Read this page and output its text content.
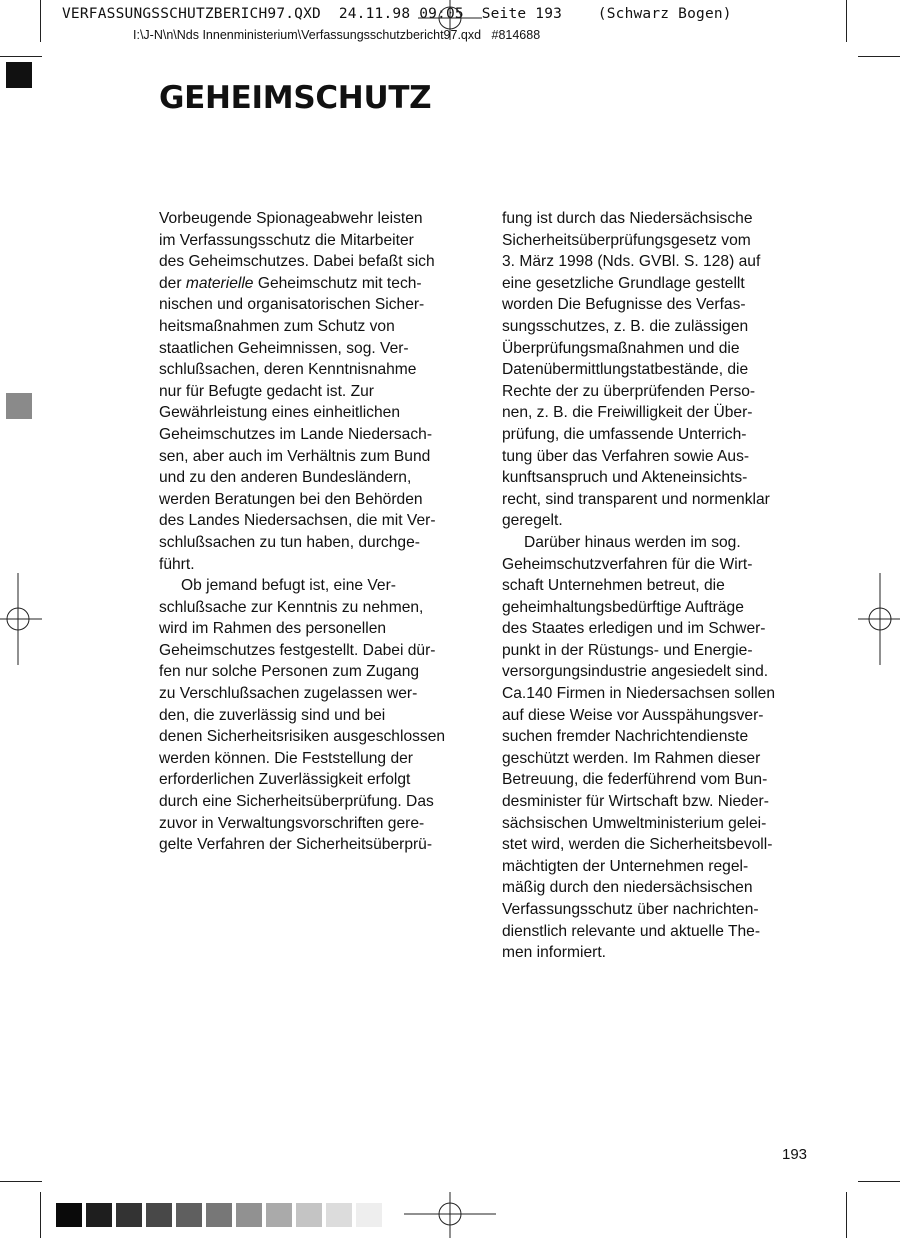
VERFASSUNGSSCHUTZBERICH97.QXD  24.11.98 09:05  Seite 193    (Schwarz Bogen)
I:\J-N\n\Nds Innenministerium\Verfassungsschutzbericht97.qxd   #814688
GEHEIMSCHUTZ
Vorbeugende Spionageabwehr leisten
im Verfassungsschutz die Mitarbeiter
des Geheimschutzes. Dabei befaßt sich
der materielle Geheimschutz mit tech-
nischen und organisatorischen Sicher-
heitsmaßnahmen zum Schutz von
staatlichen Geheimnissen, sog. Ver-
schlußsachen, deren Kenntnisnahme
nur für Befugte gedacht ist. Zur
Gewährleistung eines einheitlichen
Geheimschutzes im Lande Niedersach-
sen, aber auch im Verhältnis zum Bund
und zu den anderen Bundesländern,
werden Beratungen bei den Behörden
des Landes Niedersachsen, die mit Ver-
schlußsachen zu tun haben, durchge-
führt.
Ob jemand befugt ist, eine Ver-
schlußsache zur Kenntnis zu nehmen,
wird im Rahmen des personellen
Geheimschutzes festgestellt. Dabei dür-
fen nur solche Personen zum Zugang
zu Verschlußsachen zugelassen wer-
den, die zuverlässig sind und bei
denen Sicherheitsrisiken ausgeschlossen
werden können. Die Feststellung der
erforderlichen Zuverlässigkeit erfolgt
durch eine Sicherheitsüberprüfung. Das
zuvor in Verwaltungsvorschriften gere-
gelte Verfahren der Sicherheitsüberprü-
fung ist durch das Niedersächsische
Sicherheitsüberprüfungsgesetz vom
3. März 1998 (Nds. GVBl. S. 128) auf
eine gesetzliche Grundlage gestellt
worden Die Befugnisse des Verfas-
sungsschutzes, z. B. die zulässigen
Überprüfungsmaßnahmen und die
Datenübermittlungstatbestände, die
Rechte der zu überprüfenden Perso-
nen, z. B. die Freiwilligkeit der Über-
prüfung, die umfassende Unterrich-
tung über das Verfahren sowie Aus-
kunftsanspruch und Akteneinsichts-
recht, sind transparent und normenklar
geregelt.
Darüber hinaus werden im sog.
Geheimschutzverfahren für die Wirt-
schaft Unternehmen betreut, die
geheimhaltungsbedürftige Aufträge
des Staates erledigen und im Schwer-
punkt in der Rüstungs- und Energie-
versorgungsindustrie angesiedelt sind.
Ca.140 Firmen in Niedersachsen sollen
auf diese Weise vor Ausspähungsver-
suchen fremder Nachrichtendienste
geschützt werden. Im Rahmen dieser
Betreuung, die federführend vom Bun-
desminister für Wirtschaft bzw. Nieder-
sächsischen Umweltministerium gelei-
stet wird, werden die Sicherheitsbevoll-
mächtigten der Unternehmen regel-
mäßig durch den niedersächsischen
Verfassungsschutz über nachrichten-
dienstlich relevante und aktuelle The-
men informiert.
193
